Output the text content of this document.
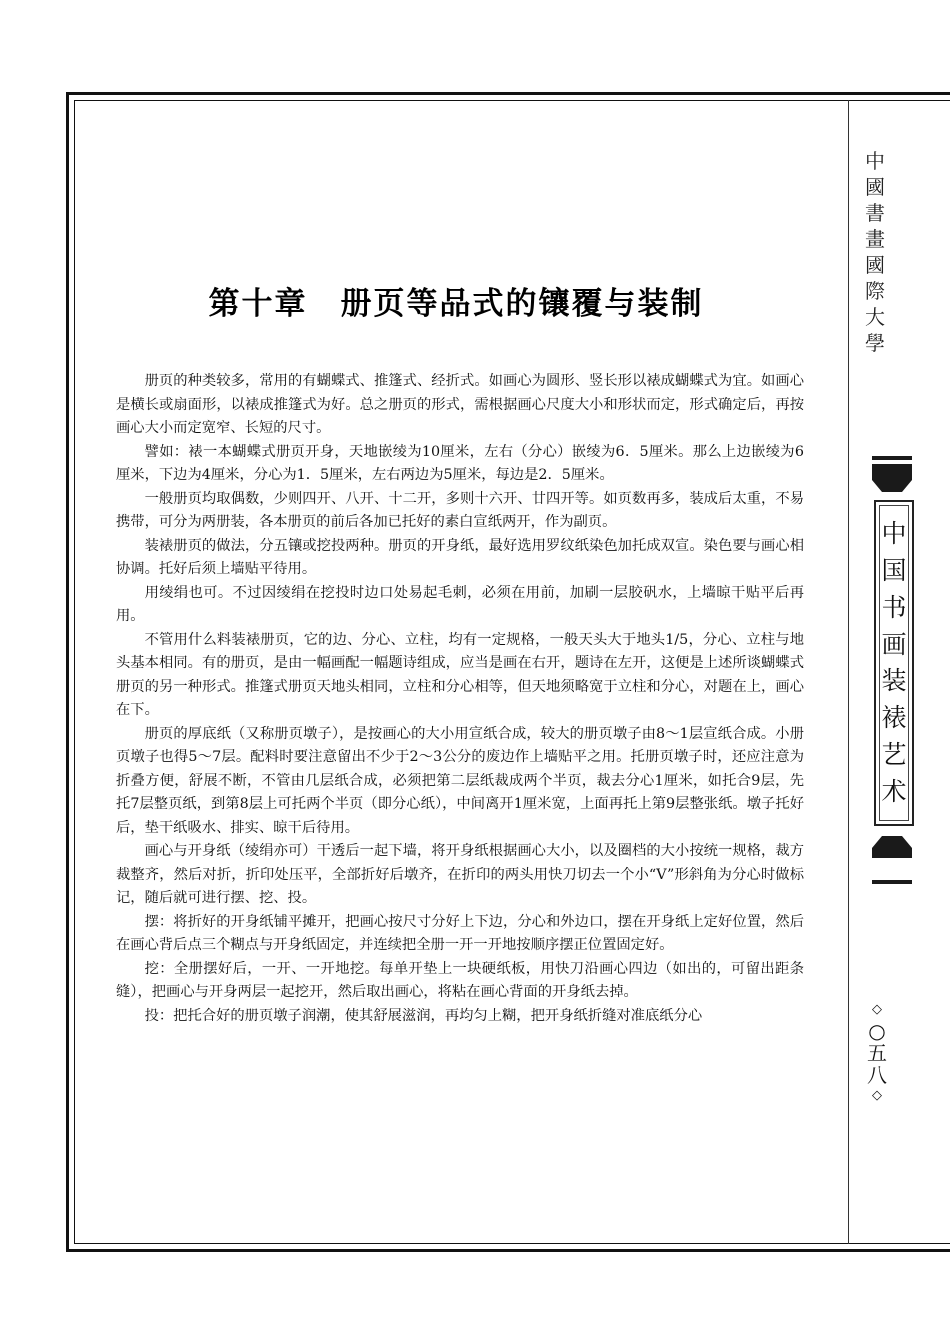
中
國
書
畫
國
際
大
學
中
国
书
画
装
裱
艺
术
◇
○
五
八
◇
第十章　册页等品式的镶覆与装制

册页的种类较多，常用的有蝴蝶式、推篷式、经折式。如画心为圆形、竖长形以裱成蝴蝶式为宜。如画心是横长或扇面形，以裱成推篷式为好。总之册页的形式，需根据画心尺度大小和形状而定，形式确定后，再按画心大小而定宽窄、长短的尺寸。

譬如：裱一本蝴蝶式册页开身，天地嵌绫为10厘米，左右（分心）嵌绫为6．5厘米。那么上边嵌绫为6厘米，下边为4厘米，分心为1．5厘米，左右两边为5厘米，每边是2．5厘米。

一般册页均取偶数，少则四开、八开、十二开，多则十六开、廿四开等。如页数再多，装成后太重，不易携带，可分为两册装，各本册页的前后各加已托好的素白宣纸两开，作为副页。

装裱册页的做法，分五镶或挖投两种。册页的开身纸，最好选用罗纹纸染色加托成双宣。染色要与画心相协调。托好后须上墙贴平待用。

用绫绢也可。不过因绫绢在挖投时边口处易起毛刺，必须在用前，加刷一层胶矾水，上墙晾干贴平后再用。

不管用什么料装裱册页，它的边、分心、立柱，均有一定规格，一般天头大于地头1/5，分心、立柱与地头基本相同。有的册页，是由一幅画配一幅题诗组成，应当是画在右开，题诗在左开，这便是上述所谈蝴蝶式册页的另一种形式。推篷式册页天地头相同，立柱和分心相等，但天地须略宽于立柱和分心，对题在上，画心在下。

册页的厚底纸（又称册页墩子），是按画心的大小用宣纸合成，较大的册页墩子由8～1层宣纸合成。小册页墩子也得5～7层。配料时要注意留出不少于2～3公分的废边作上墙贴平之用。托册页墩子时，还应注意为折叠方便，舒展不断，不管由几层纸合成，必须把第二层纸裁成两个半页，裁去分心1厘米，如托合9层，先托7层整页纸，到第8层上可托两个半页（即分心纸），中间离开1厘米宽，上面再托上第9层整张纸。墩子托好后，垫干纸吸水、排实、晾干后待用。

画心与开身纸（绫绢亦可）干透后一起下墙，将开身纸根据画心大小，以及圈档的大小按统一规格，裁方裁整齐，然后对折，折印处压平，全部折好后墩齐，在折印的两头用快刀切去一个小“V”形斜角为分心时做标记，随后就可进行摆、挖、投。

摆：将折好的开身纸铺平摊开，把画心按尺寸分好上下边，分心和外边口，摆在开身纸上定好位置，然后在画心背后点三个糊点与开身纸固定，并连续把全册一开一开地按顺序摆正位置固定好。

挖：全册摆好后，一开、一开地挖。每单开垫上一块硬纸板，用快刀沿画心四边（如出的，可留出距条缝），把画心与开身两层一起挖开，然后取出画心，将粘在画心背面的开身纸去掉。

投：把托合好的册页墩子润潮，使其舒展滋润，再均匀上糊，把开身纸折缝对准底纸分心
